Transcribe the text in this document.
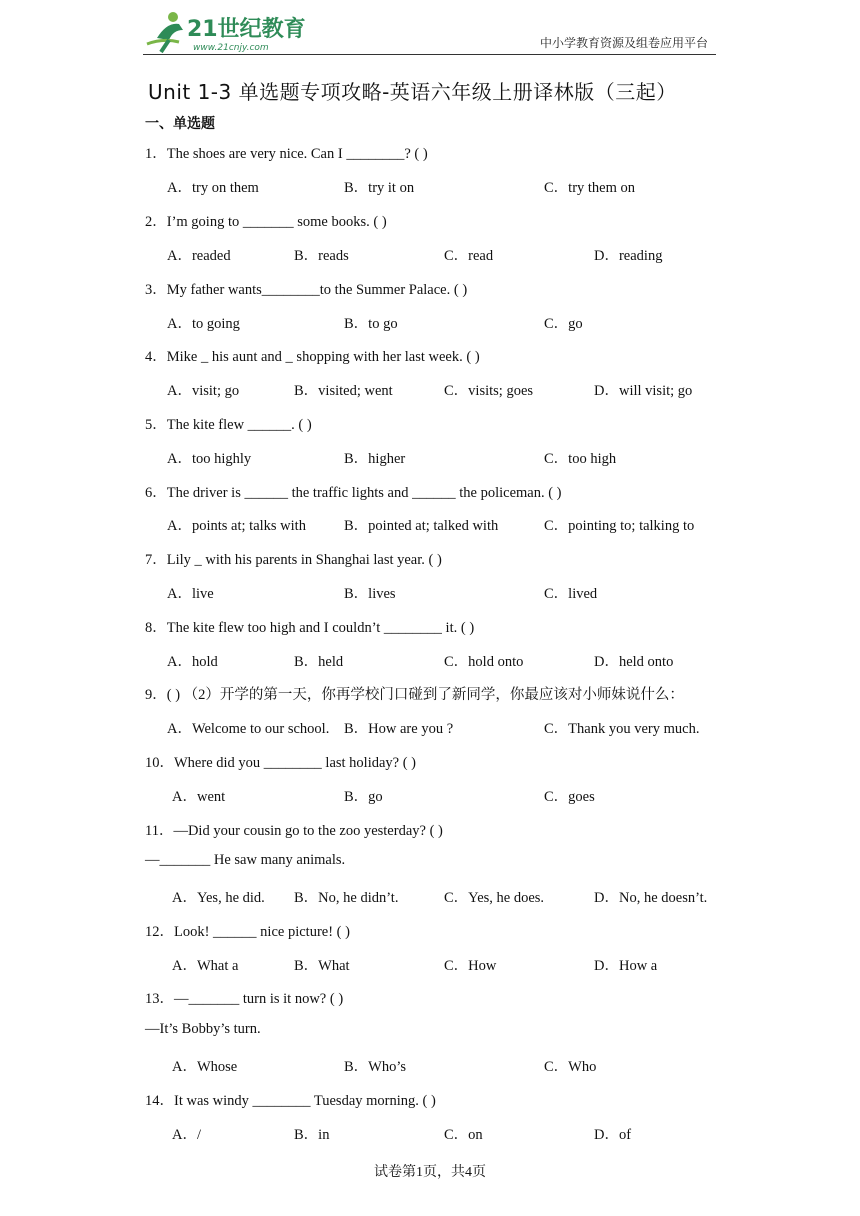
21世纪教育
www.21cnjy.com	中小学教育资源及组卷应用平台
Unit 1-3 单选题专项攻略-英语六年级上册译林版（三起）
一、单选题
1．The shoes are very nice. Can I ________? ( )
A．try on them	B．try it on	C．try them on
2．I’m going to _______ some books. ( )
A．readed	B．reads	C．read	D．reading
3．My father wants________to the Summer Palace. ( )
A．to going	B．to go	C．go
4．Mike _ his aunt and _ shopping with her last week. ( )
A．visit; go	B．visited; went	C．visits; goes	D．will visit; go
5．The kite flew ______. ( )
A．too highly	B．higher	C．too high
6．The driver is ______ the traffic lights and ______ the policeman. ( )
A．points at; talks with	B．pointed at; talked with	C．pointing to; talking to
7．Lily _ with his parents in Shanghai last year. ( )
A．live	B．lives	C．lived
8．The kite flew too high and I couldn’t ________ it. ( )
A．hold	B．held	C．hold onto	D．held onto
9．( ) （2）开学的第一天，你再学校门口碰到了新同学，你最应该对小师妹说什么：
A．Welcome to our school. B．How are you ?	C．Thank you very much.
10．Where did you ________ last holiday? ( )
A．went	B．go	C．goes
11．—Did your cousin go to the zoo yesterday? ( )
—_______ He saw many animals.
A．Yes, he did. B．No, he didn’t.	C．Yes, he does.	D．No, he doesn’t.
12．Look! ______ nice picture! ( )
A．What a	B．What	C．How	D．How a
13．—_______ turn is it now? ( )
—It’s Bobby’s turn.
A．Whose	B．Who’s	C．Who
14．It was windy ________ Tuesday morning. ( )
A．/	B．in	C．on	D．of
试卷第1页，共4页
